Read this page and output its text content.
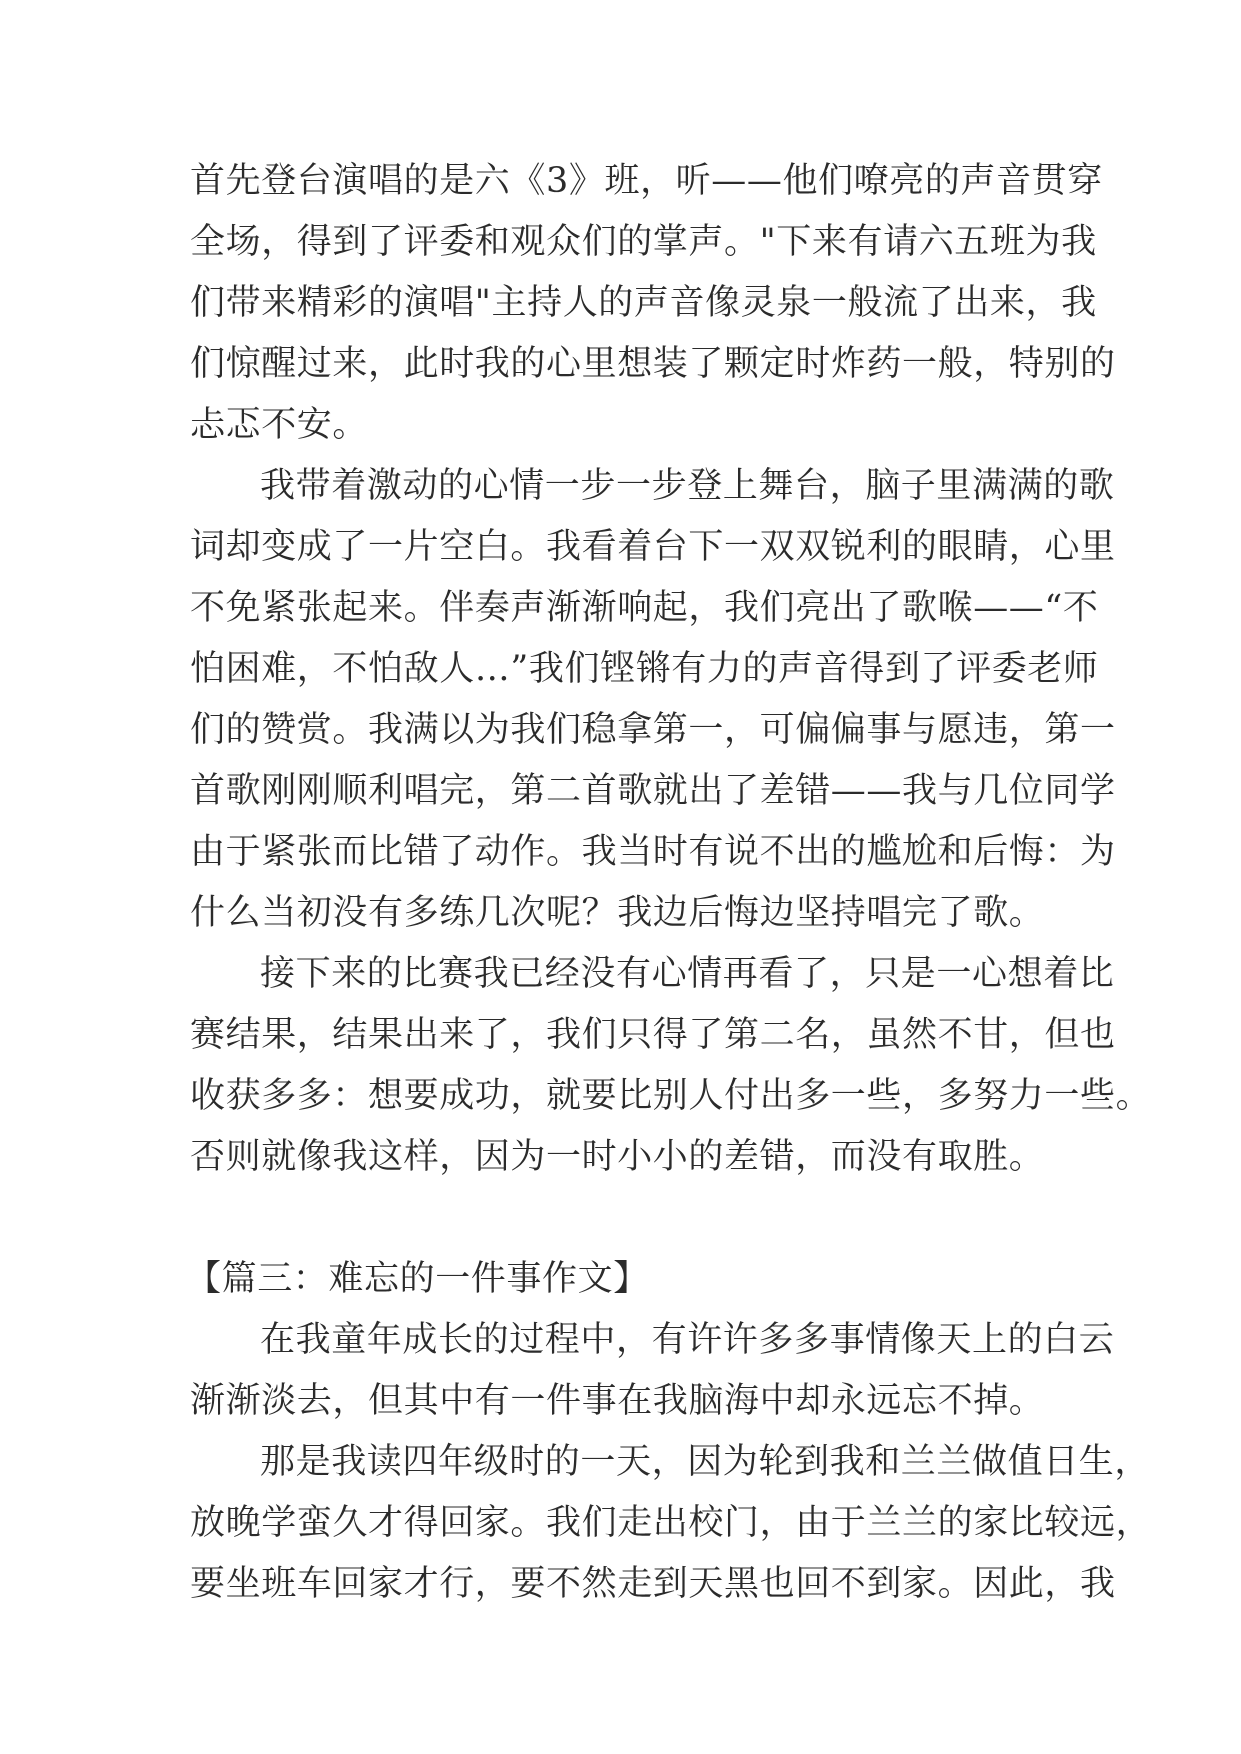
首先登台演唱的是六《3》班，听——他们嘹亮的声音贯穿
全场，得到了评委和观众们的掌声。"下来有请六五班为我
们带来精彩的演唱"主持人的声音像灵泉一般流了出来，我
们惊醒过来，此时我的心里想装了颗定时炸药一般，特别的
忐忑不安。
我带着激动的心情一步一步登上舞台，脑子里满满的歌
词却变成了一片空白。我看着台下一双双锐利的眼睛，心里
不免紧张起来。伴奏声渐渐响起，我们亮出了歌喉——“不
怕困难，不怕敌人…”我们铿锵有力的声音得到了评委老师
们的赞赏。我满以为我们稳拿第一，可偏偏事与愿违，第一
首歌刚刚顺利唱完，第二首歌就出了差错——我与几位同学
由于紧张而比错了动作。我当时有说不出的尴尬和后悔：为
什么当初没有多练几次呢？我边后悔边坚持唱完了歌。
接下来的比赛我已经没有心情再看了，只是一心想着比
赛结果，结果出来了，我们只得了第二名，虽然不甘，但也
收获多多：想要成功，就要比别人付出多一些，多努力一些。
否则就像我这样，因为一时小小的差错，而没有取胜。
【篇三：难忘的一件事作文】
在我童年成长的过程中，有许许多多事情像天上的白云
渐渐淡去，但其中有一件事在我脑海中却永远忘不掉。
那是我读四年级时的一天，因为轮到我和兰兰做值日生，
放晚学蛮久才得回家。我们走出校门，由于兰兰的家比较远，
要坐班车回家才行，要不然走到天黑也回不到家。因此，我
